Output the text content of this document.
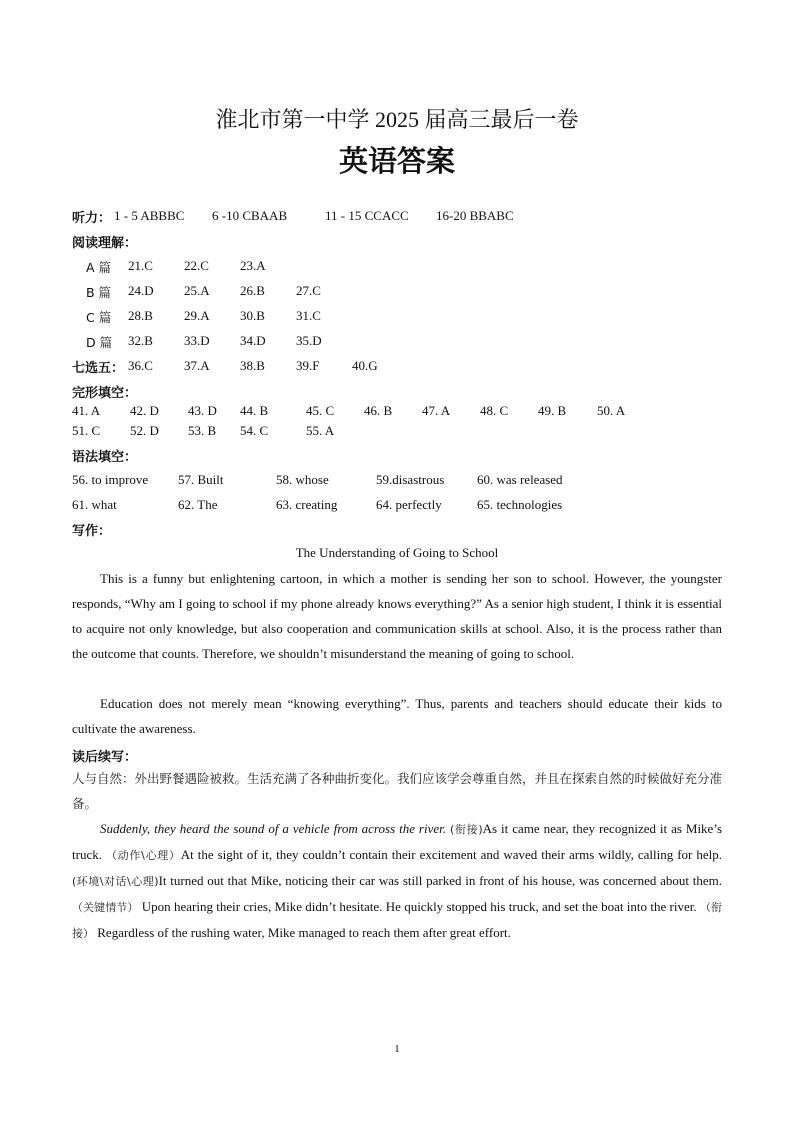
淮北市第一中学 2025 届高三最后一卷
英语答案
听力： 1 - 5 ABBBC 6 -10 CBAAB	11 - 15 CCACC 16-20 BBABC
阅读理解：
A 篇 21.C 22.C 23.A
B 篇 24.D 25.A 26.B 27.C
C 篇 28.B 29.A 30.B 31.C
D 篇 32.B 33.D 34.D 35.D
七选五： 36.C 37.A 38.B 39.F	40.G
完形填空：
41. A 42. D 43. D 44. B	45. C 46. B 47. A 48. C 49. B 50. A
51. C 52. D 53. B 54. C	55. A
语法填空：
56. to improve 57. Built	58. whose	59.disastrous	60. was released
61. what	62. The	63. creating	64. perfectly	65. technologies
写作：
The Understanding of Going to School
This is a funny but enlightening cartoon, in which a mother is sending her son to school. However, the youngster responds, “Why am I going to school if my phone already knows everything?” As a senior high student, I think it is essential to acquire not only knowledge, but also cooperation and communication skills at school. Also, it is the process rather than the outcome that counts. Therefore, we shouldn’t misunderstand the meaning of going to school.
Education does not merely mean “knowing everything”. Thus, parents and teachers should educate their kids to cultivate the awareness.
读后续写：
人与自然：外出野餐遇险被救。生活充满了各种曲折变化。我们应该学会尊重自然，并且在探索自然的时候做好充分准备。
Suddenly, they heard the sound of a vehicle from across the river. (衔接)As it came near, they recognized it as Mike’s truck. （动作\心理）At the sight of it, they couldn’t contain their excitement and waved their arms wildly, calling for help. (环境\对话\心理)It turned out that Mike, noticing their car was still parked in front of his house, was concerned about them. （关键情节） Upon hearing their cries, Mike didn’t hesitate. He quickly stopped his truck, and set the boat into the river. （衔接） Regardless of the rushing water, Mike managed to reach them after great effort.
1
